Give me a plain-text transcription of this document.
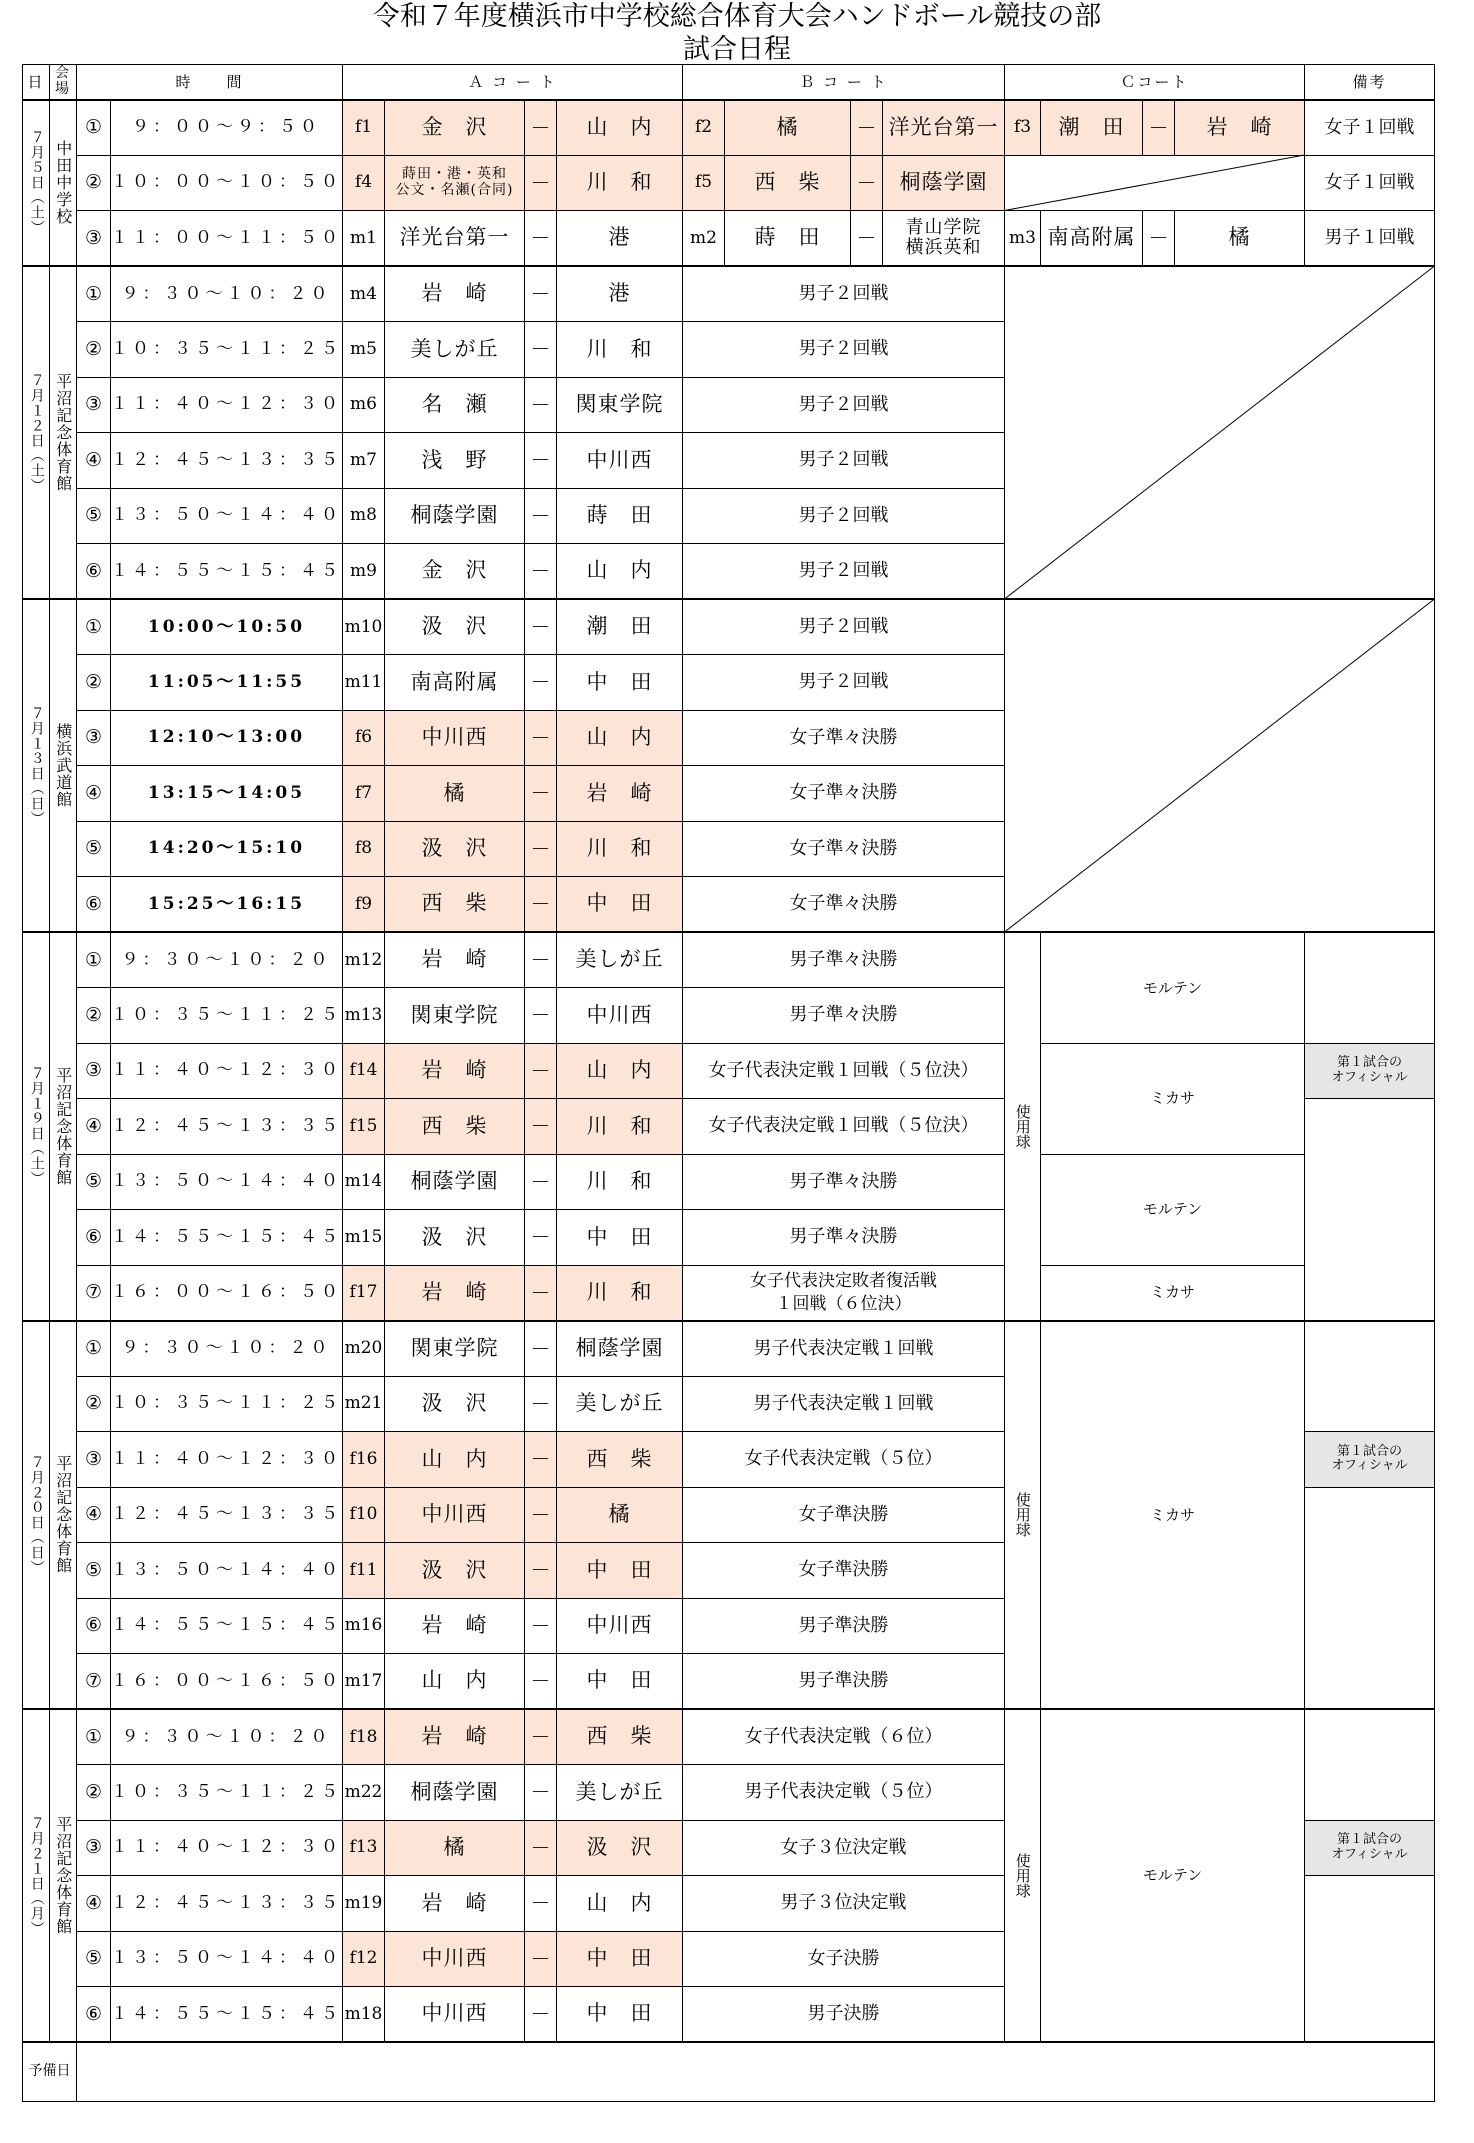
令和７年度横浜市中学校総合体育大会ハンドボール競技の部
試合日程
日	会場	時　　間		Ａ コ ー ト				Ｂ コ ー ト				Ｃコート				備考
７月５日（土）	中田中学校	①	９：００～９：５０	f1	金　沢	－	山　内	f2	橘	－	洋光台第一	f3	潮　田	－	岩　崎	女子１回戦
		②	１０：００～１０：５０	f4	蒔田・港・英和
公文・名瀬(合同)	－	川　和	f5	西　柴	－	桐蔭学園					女子１回戦
		③	１１：００～１１：５０	m1	洋光台第一	－	港	m2	蒔　田	－	青山学院
横浜英和	m3	南高附属	－	橘	男子１回戦
７月１２日（土）	平沼記念体育館	①	９：３０～１０：２０	m4	岩　崎	－	港	男子２回戦								
		②	１０：３５～１１：２５	m5	美しが丘	－	川　和	男子２回戦								
		③	１１：４０～１２：３０	m6	名　瀬	－	関東学院	男子２回戦								
		④	１２：４５～１３：３５	m7	浅　野	－	中川西	男子２回戦								
		⑤	１３：５０～１４：４０	m8	桐蔭学園	－	蒔　田	男子２回戦								
		⑥	１４：５５～１５：４５	m9	金　沢	－	山　内	男子２回戦								
７月１３日（日）	横浜武道館	①	10:00～10:50	m10	汲　沢	－	潮　田	男子２回戦								
		②	11:05～11:55	m11	南高附属	－	中　田	男子２回戦								
		③	12:10～13:00	f6	中川西	－	山　内	女子準々決勝								
		④	13:15～14:05	f7	橘	－	岩　崎	女子準々決勝								
		⑤	14:20～15:10	f8	汲　沢	－	川　和	女子準々決勝								
		⑥	15:25～16:15	f9	西　柴	－	中　田	女子準々決勝								
７月１９日（土）	平沼記念体育館	①	９：３０～１０：２０	m12	岩　崎	－	美しが丘	男子準々決勝				使用球	モルテン			
		②	１０：３５～１１：２５	m13	関東学院	－	中川西	男子準々決勝								
		③	１１：４０～１２：３０	f14	岩　崎	－	山　内	女子代表決定戦１回戦（５位決）					ミカサ			第１試合の
オフィシャル
		④	１２：４５～１３：３５	f15	西　柴	－	川　和	女子代表決定戦１回戦（５位決）								
		⑤	１３：５０～１４：４０	m14	桐蔭学園	－	川　和	男子準々決勝					モルテン			
		⑥	１４：５５～１５：４５	m15	汲　沢	－	中　田	男子準々決勝								
		⑦	１６：００～１６：５０	f17	岩　崎	－	川　和	女子代表決定敗者復活戦
１回戦（６位決）					ミカサ			
７月２０日（日）	平沼記念体育館	①	９：３０～１０：２０	m20	関東学院	－	桐蔭学園	男子代表決定戦１回戦				使用球	ミカサ			
		②	１０：３５～１１：２５	m21	汲　沢	－	美しが丘	男子代表決定戦１回戦								
		③	１１：４０～１２：３０	f16	山　内	－	西　柴	女子代表決定戦（５位）								第１試合の
オフィシャル
		④	１２：４５～１３：３５	f10	中川西	－	橘	女子準決勝								
		⑤	１３：５０～１４：４０	f11	汲　沢	－	中　田	女子準決勝								
		⑥	１４：５５～１５：４５	m16	岩　崎	－	中川西	男子準決勝								
		⑦	１６：００～１６：５０	m17	山　内	－	中　田	男子準決勝								
７月２１日（月）	平沼記念体育館	①	９：３０～１０：２０	f18	岩　崎	－	西　柴	女子代表決定戦（６位）				使用球	モルテン			
		②	１０：３５～１１：２５	m22	桐蔭学園	－	美しが丘	男子代表決定戦（５位）								
		③	１１：４０～１２：３０	f13	橘	－	汲　沢	女子３位決定戦								第１試合の
オフィシャル
		④	１２：４５～１３：３５	m19	岩　崎	－	山　内	男子３位決定戦								
		⑤	１３：５０～１４：４０	f12	中川西	－	中　田	女子決勝								
		⑥	１４：５５～１５：４５	m18	中川西	－	中　田	男子決勝								
予備日																
